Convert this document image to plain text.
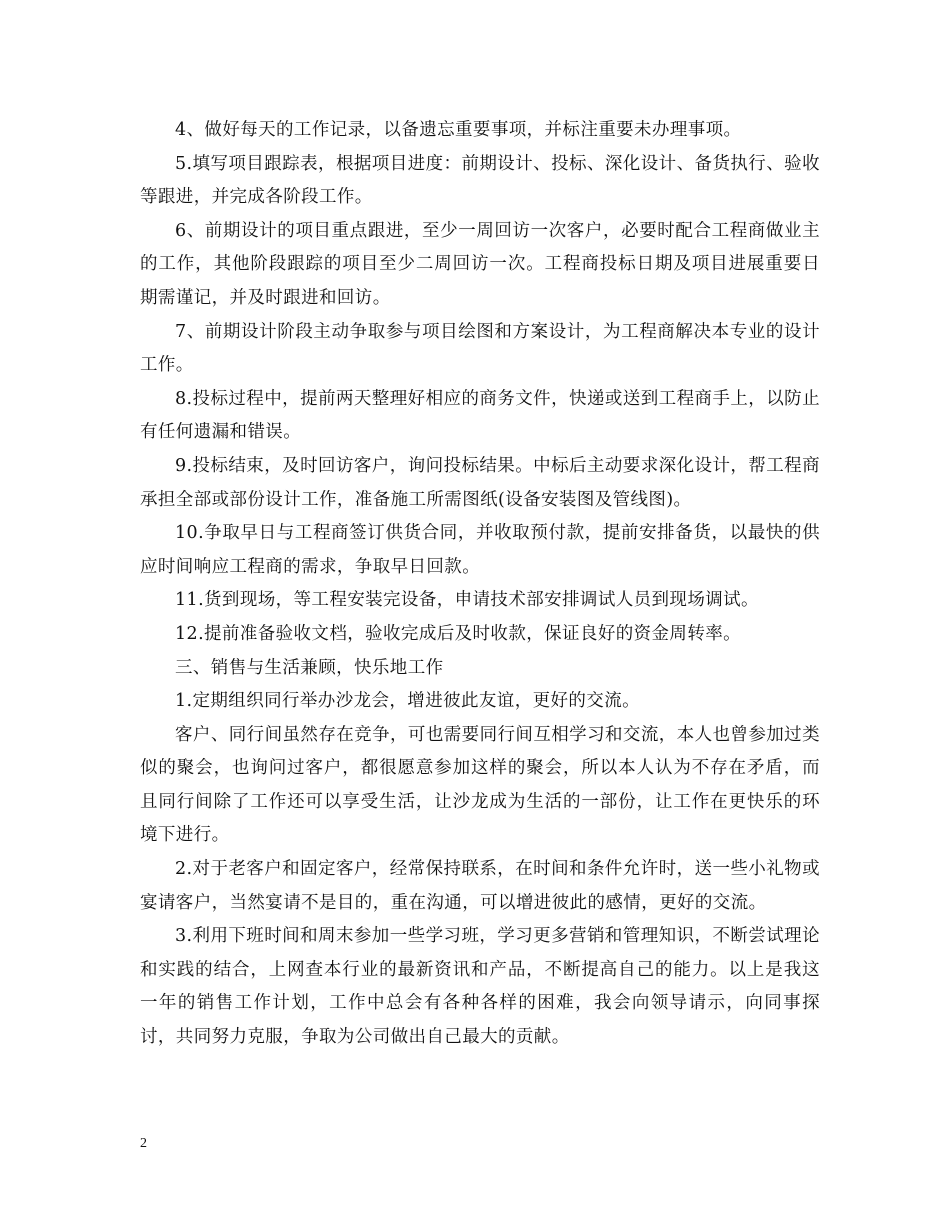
4、做好每天的工作记录，以备遗忘重要事项，并标注重要未办理事项。

5.填写项目跟踪表，根据项目进度：前期设计、投标、深化设计、备货执行、验收等跟进，并完成各阶段工作。

6、前期设计的项目重点跟进，至少一周回访一次客户，必要时配合工程商做业主的工作，其他阶段跟踪的项目至少二周回访一次。工程商投标日期及项目进展重要日期需谨记，并及时跟进和回访。

7、前期设计阶段主动争取参与项目绘图和方案设计，为工程商解决本专业的设计工作。

8.投标过程中，提前两天整理好相应的商务文件，快递或送到工程商手上，以防止有任何遗漏和错误。

9.投标结束，及时回访客户，询问投标结果。中标后主动要求深化设计，帮工程商承担全部或部份设计工作，准备施工所需图纸(设备安装图及管线图)。

10.争取早日与工程商签订供货合同，并收取预付款，提前安排备货，以最快的供应时间响应工程商的需求，争取早日回款。

11.货到现场，等工程安装完设备，申请技术部安排调试人员到现场调试。

12.提前准备验收文档，验收完成后及时收款，保证良好的资金周转率。

三、销售与生活兼顾，快乐地工作

1.定期组织同行举办沙龙会，增进彼此友谊，更好的交流。

客户、同行间虽然存在竞争，可也需要同行间互相学习和交流，本人也曾参加过类似的聚会，也询问过客户，都很愿意参加这样的聚会，所以本人认为不存在矛盾，而且同行间除了工作还可以享受生活，让沙龙成为生活的一部份，让工作在更快乐的环境下进行。

2.对于老客户和固定客户，经常保持联系，在时间和条件允许时，送一些小礼物或宴请客户，当然宴请不是目的，重在沟通，可以增进彼此的感情，更好的交流。

3.利用下班时间和周末参加一些学习班，学习更多营销和管理知识，不断尝试理论和实践的结合，上网查本行业的最新资讯和产品，不断提高自己的能力。以上是我这一年的销售工作计划，工作中总会有各种各样的困难，我会向领导请示，向同事探讨，共同努力克服，争取为公司做出自己最大的贡献。

2
